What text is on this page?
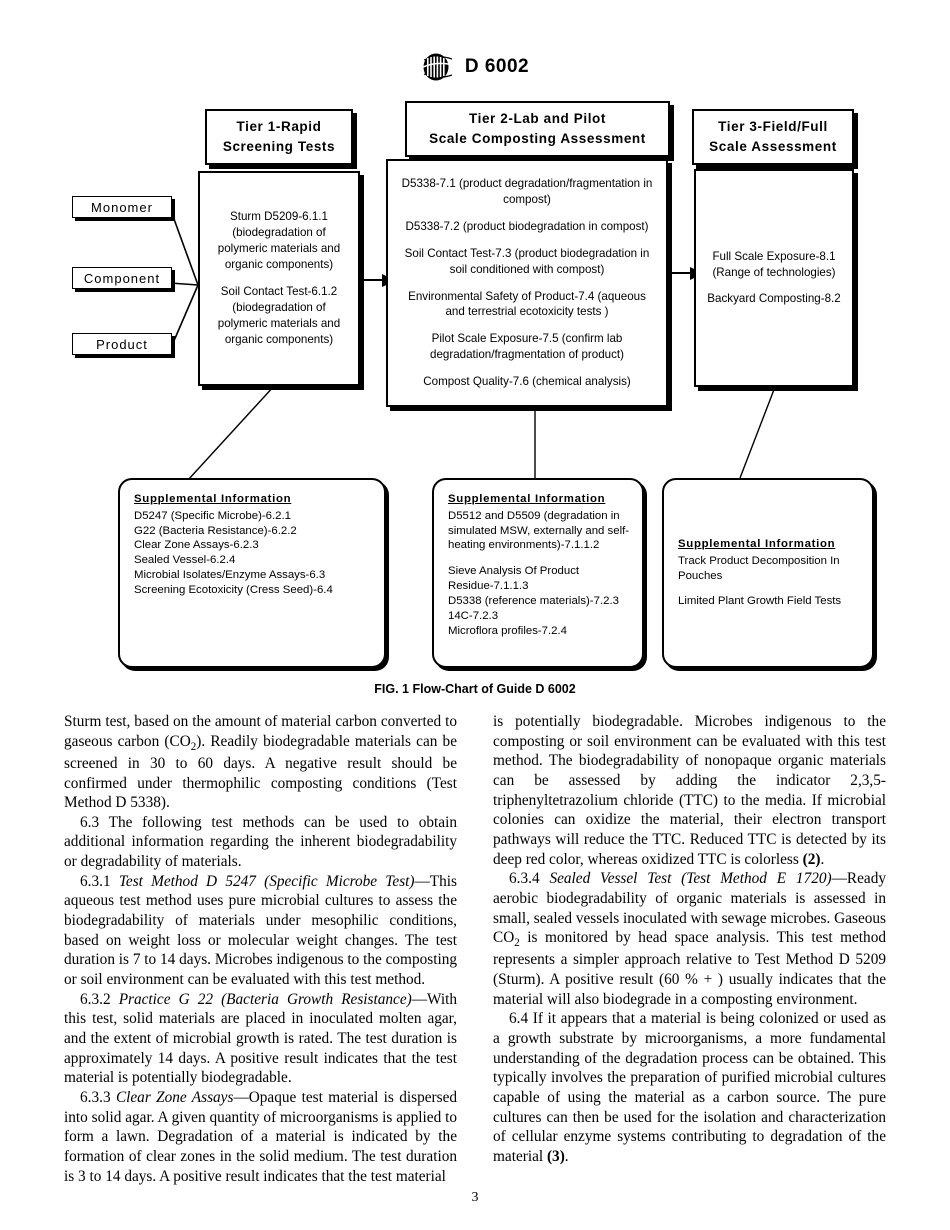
D 6002
Monomer
Component
Product
Tier 1-Rapid
Screening Tests
Sturm D5209-6.1.1 (biodegradation of polymeric materials and organic components)
Soil Contact Test-6.1.2 (biodegradation of polymeric materials and organic components)
Tier 2-Lab and Pilot
Scale Composting Assessment
D5338-7.1 (product degradation/fragmentation in compost)
D5338-7.2 (product biodegradation in compost)
Soil Contact Test-7.3 (product biodegradation in soil conditioned with compost)
Environmental Safety of Product-7.4 (aqueous and terrestrial ecotoxicity tests )
Pilot Scale Exposure-7.5 (confirm lab degradation/fragmentation of product)
Compost Quality-7.6 (chemical analysis)
Tier 3-Field/Full
Scale Assessment
Full Scale Exposure-8.1 (Range of technologies)
Backyard Composting-8.2
Supplemental Information
D5247 (Specific Microbe)-6.2.1
G22 (Bacteria Resistance)-6.2.2
Clear Zone Assays-6.2.3
Sealed Vessel-6.2.4
Microbial Isolates/Enzyme Assays-6.3
Screening Ecotoxicity (Cress Seed)-6.4
Supplemental Information
D5512 and D5509 (degradation in
simulated MSW, externally and self-
heating environments)-7.1.1.2
Sieve Analysis Of Product
Residue-7.1.1.3
D5338 (reference materials)-7.2.3
14C-7.2.3
Microflora profiles-7.2.4
Supplemental Information
Track Product Decomposition In
Pouches
Limited Plant Growth Field Tests
FIG. 1 Flow-Chart of Guide D 6002

Sturm test, based on the amount of material carbon converted to gaseous carbon $(CO_2)$. Readily biodegradable materials can be screened in 30 to 60 days. A negative result should be confirmed under thermophilic composting conditions (Test Method D 5338).

6.3 The following test methods can be used to obtain additional information regarding the inherent biodegradability or degradability of materials.

6.3.1 Test Method D 5247 (Specific Microbe Test)—This aqueous test method uses pure microbial cultures to assess the biodegradability of materials under mesophilic conditions, based on weight loss or molecular weight changes. The test duration is 7 to 14 days. Microbes indigenous to the composting or soil environment can be evaluated with this test method.

6.3.2 Practice G 22 (Bacteria Growth Resistance)—With this test, solid materials are placed in inoculated molten agar, and the extent of microbial growth is rated. The test duration is approximately 14 days. A positive result indicates that the test material is potentially biodegradable.

6.3.3 Clear Zone Assays—Opaque test material is dispersed into solid agar. A given quantity of microorganisms is applied to form a lawn. Degradation of a material is indicated by the formation of clear zones in the solid medium. The test duration is 3 to 14 days. A positive result indicates that the test material

is potentially biodegradable. Microbes indigenous to the composting or soil environment can be evaluated with this test method. The biodegradability of nonopaque organic materials can be assessed by adding the indicator 2,3,5-triphenyltetrazolium chloride (TTC) to the media. If microbial colonies can oxidize the material, their electron transport pathways will reduce the TTC. Reduced TTC is detected by its deep red color, whereas oxidized TTC is colorless (2).

6.3.4 Sealed Vessel Test (Test Method E 1720)—Ready aerobic biodegradability of organic materials is assessed in small, sealed vessels inoculated with sewage microbes. Gaseous $CO_2$ is monitored by head space analysis. This test method represents a simpler approach relative to Test Method D 5209 (Sturm). A positive result (60 % + ) usually indicates that the material will also biodegrade in a composting environment.

6.4 If it appears that a material is being colonized or used as a growth substrate by microorganisms, a more fundamental understanding of the degradation process can be obtained. This typically involves the preparation of purified microbial cultures capable of using the material as a carbon source. The pure cultures can then be used for the isolation and characterization of cellular enzyme systems contributing to degradation of the material (3).

3
